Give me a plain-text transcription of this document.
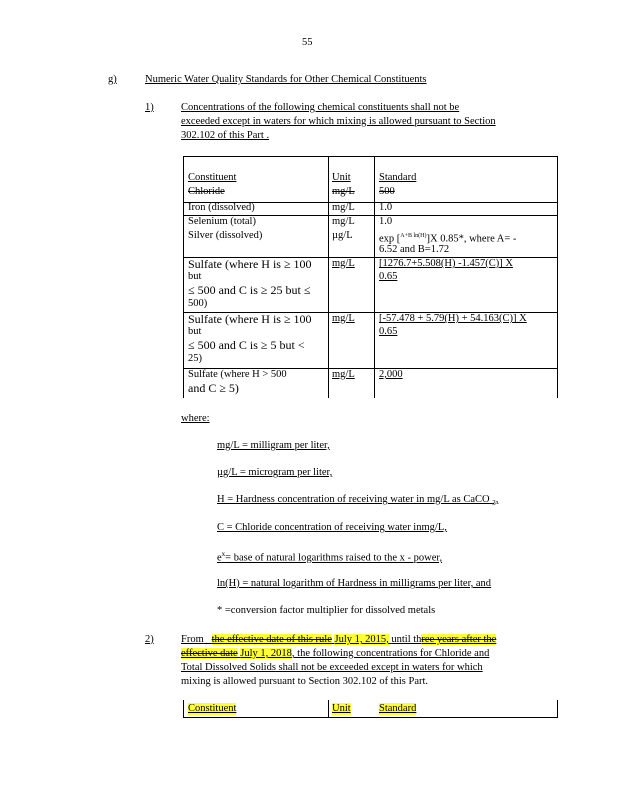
55
g)	Numeric Water Quality Standards for Other Chemical Constituents
1)	Concentrations of the following chemical constituents shall not be
exceeded except in waters for which mixing is allowed pursuant to Section
302.102 of this Part .
Constituent	Unit	Standard
Chloride	mg/L 500
Iron (dissolved)	mg/L 1.0
Selenium (total)	mg/L 1.0
Silver (dissolved)	µg/L	exp [$^{A+B ln(H)}$]X 0.85*, where A= -
6.52 and B=1.72
Sulfate (where H is ≥ 100
but
≤ 500 and C is ≥ 25 but ≤
500)
mg/L [1276.7+5.508(H) -1.457(C)] X
0.65
Sulfate (where H is ≥ 100
but
≤ 500 and C is ≥ 5 but <
25)
mg/L [-57.478 + 5.79(H) + 54.163(C)] X
0.65
Sulfate (where H > 500
and C ≥ 5)
mg/L 2,000
where:
mg/L = milligram per liter,
µg/L = microgram per liter,
H = Hardness concentration of receiving water in mg/L as CaCO $_3$,
C = Chloride concentration of receiving water inmg/L,
$e^x=$ base of natural logarithms raised to the x - power,
ln(H) = natural logarithm of Hardness in milligrams per liter, and
* =conversion factor multiplier for dissolved metals
2)	From the effective date of this rule July 1, 2015, until three years after the
effective date July 1, 2018, the following concentrations for Chloride and
Total Dissolved Solids shall not be exceeded except in waters for which
mixing is allowed pursuant to Section 302.102 of this Part.
Constituent	Unit	Standard
